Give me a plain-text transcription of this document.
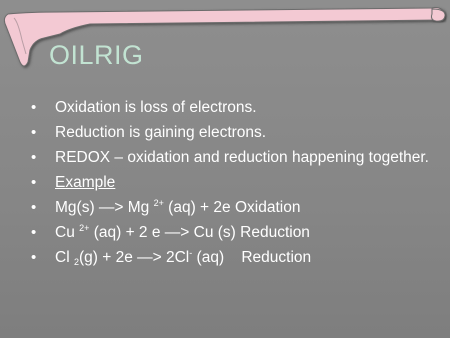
OILRIG
• Oxidation is loss of electrons.
• Reduction is gaining electrons.
• REDOX – oxidation and reduction happening together.
• Example
• Mg(s) —> Mg $^{2+}$ (aq) + 2e Oxidation
• Cu $^{2+}$ (aq) + 2 e —> Cu (s) Reduction
• Cl $_2$(g) + 2e —> 2Cl- (aq)    Reduction
